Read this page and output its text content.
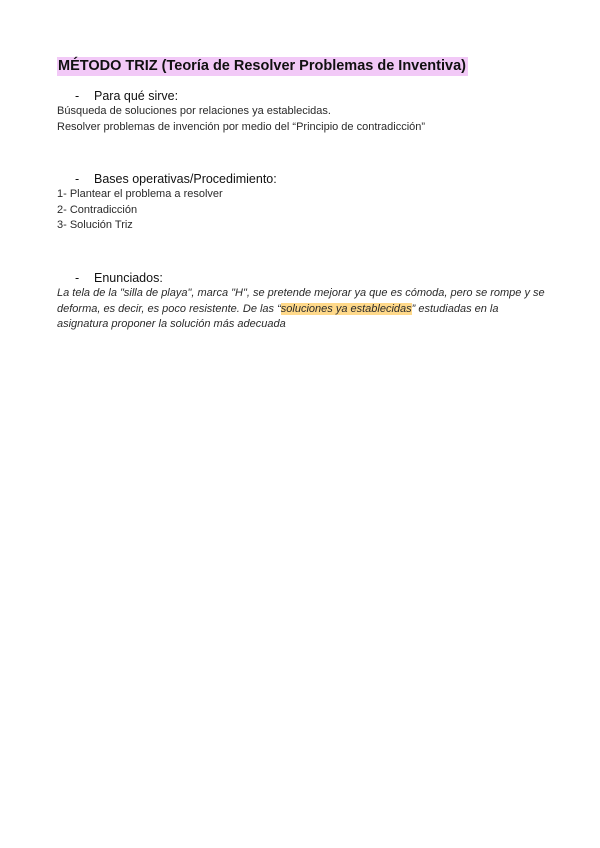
MÉTODO TRIZ (Teoría de Resolver Problemas de Inventiva)
- Para qué sirve:
Búsqueda de soluciones por relaciones ya establecidas.
Resolver problemas de invención por medio del “Principio de contradicción”
- Bases operativas/Procedimiento:
1- Plantear el problema a resolver
2- Contradicción
3- Solución Triz
- Enunciados:
La tela de la "silla de playa", marca "H", se pretende mejorar ya que es cómoda, pero se rompe y se deforma, es decir, es poco resistente. De las “soluciones ya establecidas” estudiadas en la asignatura proponer la solución más adecuada
